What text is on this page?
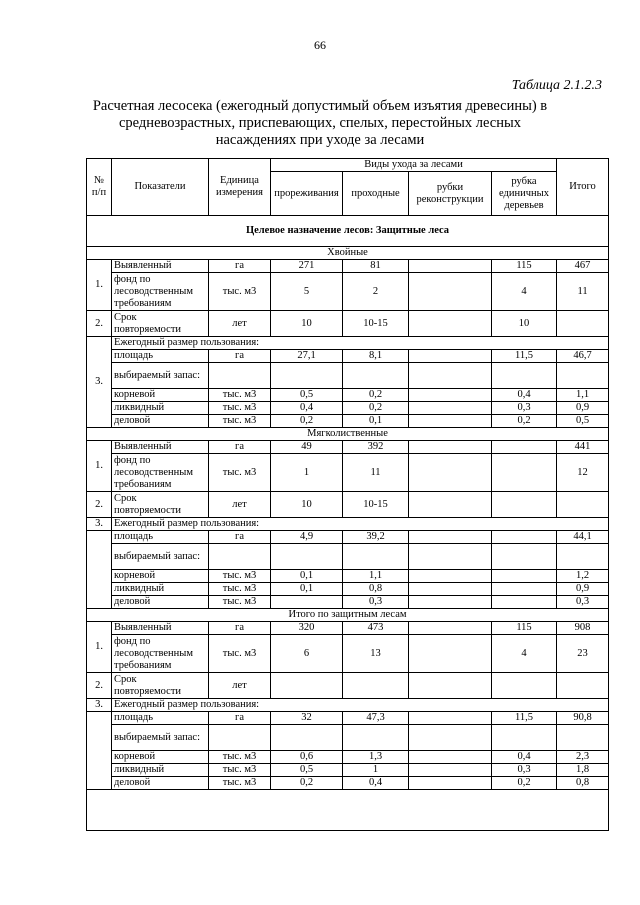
66
Таблица 2.1.2.3
Расчетная лесосека (ежегодный допустимый объем изъятия древесины) в средневозрастных, приспевающих, спелых, перестойных лесных насаждениях при уходе за лесами
№ п/п	Показатели	Единица измерения	Виды ухода за лесами				Итого
			прореживания	проходные	рубки реконструкции	рубка единичных деревьев	
Целевое назначение лесов: Защитные леса							
Хвойные							
1.	Выявленный	га	271	81		115	467
	фонд по лесоводственным требованиям	тыс. м3	5	2		4	11
2.	Срок повторяемости	лет	10	10-15		10	
3.	Ежегодный размер пользования:						
	площадь	га	27,1	8,1		11,5	46,7
	выбираемый запас:						
	корневой	тыс. м3	0,5	0,2		0,4	1,1
	ликвидный	тыс. м3	0,4	0,2		0,3	0,9
	деловой	тыс. м3	0,2	0,1		0,2	0,5
Мягколиственные							
1.	Выявленный	га	49	392			441
	фонд по лесоводственным требованиям	тыс. м3	1	11			12
2.	Срок повторяемости	лет	10	10-15			
3.	Ежегодный размер пользования:						
	площадь	га	4,9	39,2			44,1
	выбираемый запас:						
	корневой	тыс. м3	0,1	1,1			1,2
	ликвидный	тыс. м3	0,1	0,8			0,9
	деловой	тыс. м3		0,3			0,3
Итого по защитным лесам							
1.	Выявленный	га	320	473		115	908
	фонд по лесоводственным требованиям	тыс. м3	6	13		4	23
2.	Срок повторяемости	лет					
3.	Ежегодный размер пользования:						
	площадь	га	32	47,3		11,5	90,8
	выбираемый запас:						
	корневой	тыс. м3	0,6	1,3		0,4	2,3
	ликвидный	тыс. м3	0,5	1		0,3	1,8
	деловой	тыс. м3	0,2	0,4		0,2	0,8
